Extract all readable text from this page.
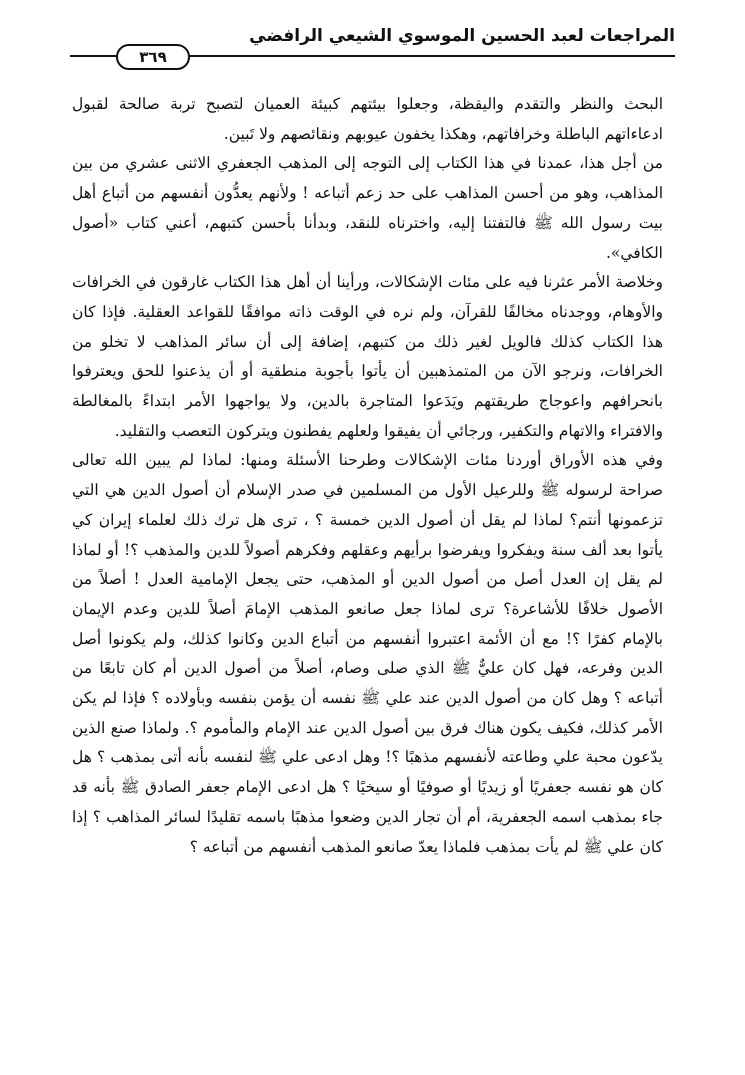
المراجعات لعبد الحسين الموسوي الشيعي الرافضي
٣٦٩

البحث والنظر والتقدم واليقظة، وجعلوا بيئتهم كبيئة العميان لتصبح تربة صالحة لقبول ادعاءاتهم الباطلة وخرافاتهم، وهكذا يخفون عيوبهم ونقائصهم ولا تَبين.

من أجل هذا، عمدنا في هذا الكتاب إلى التوجه إلى المذهب الجعفري الاثنى عشري من بين المذاهب، وهو من أحسن المذاهب على حد زعم أتباعه ! ولأنهم يعدُّون أنفسهم من أتباع أهل بيت رسول الله ﷺ فالتفتنا إليه، واخترناه للنقد، وبدأنا بأحسن كتبهم، أعني كتاب «أصول الكافي».

وخلاصة الأمر عثرنا فيه على مئات الإشكالات، ورأينا أن أهل هذا الكتاب غارقون في الخرافات والأوهام، ووجدناه مخالفًا للقرآن، ولم نره في الوقت ذاته موافقًا للقواعد العقلية. فإذا كان هذا الكتاب كذلك فالويل لغير ذلك من كتبهم، إضافة إلى أن سائر المذاهب لا تخلو من الخرافات، ونرجو الآن من المتمذهبين أن يأتوا بأجوبة منطقية أو أن يذعنوا للحق ويعترفوا بانحرافهم واعوجاج طريقتهم ويَدَعوا المتاجرة بالدين، ولا يواجهوا الأمر ابتداءً بالمغالطة والافتراء والاتهام والتكفير، ورجائي أن يفيقوا ولعلهم يفطنون ويتركون التعصب والتقليد.

وفي هذه الأوراق أوردنا مئات الإشكالات وطرحنا الأسئلة ومنها: لماذا لم يبين الله تعالى صراحة لرسوله ﷺ وللرعيل الأول من المسلمين في صدر الإسلام أن أصول الدين هي التي تزعمونها أنتم؟ لماذا لم يقل أن أصول الدين خمسة ؟ ، ترى هل ترك ذلك لعلماء إيران كي يأتوا بعد ألف سنة ويفكروا ويفرضوا برأيهم وعقلهم وفكرهم أصولاً للدين والمذهب ؟! أو لماذا لم يقل إن العدل أصل من أصول الدين أو المذهب، حتى يجعل الإمامية العدل ! أصلاً من الأصول خلافًا للأشاعرة؟ ترى لماذا جعل صانعو المذهب الإمامَ أصلاً للدين وعدم الإيمان بالإمام كفرًا ؟! مع أن الأئمة اعتبروا أنفسهم من أتباع الدين وكانوا كذلك، ولم يكونوا أصل الدين وفرعه، فهل كان عليٌّ ﷺ الذي صلى وصام، أصلاً من أصول الدين أم كان تابعًا من أتباعه ؟ وهل كان من أصول الدين عند علي ﷺ نفسه أن يؤمن بنفسه وبأولاده ؟ فإذا لم يكن الأمر كذلك، فكيف يكون هناك فرق بين أصول الدين عند الإمام والمأموم ؟. ولماذا صنع الذين يدّعون محبة علي وطاعته لأنفسهم مذهبًا ؟! وهل ادعى علي ﷺ لنفسه بأنه أتى بمذهب ؟ هل كان هو نفسه جعفريًا أو زيديًا أو صوفيًا أو سيخيًا ؟ هل ادعى الإمام جعفر الصادق ﷺ بأنه قد جاء بمذهب اسمه الجعفرية، أم أن تجار الدين وضعوا مذهبًا باسمه تقليدًا لسائر المذاهب ؟ إذا كان علي ﷺ لم يأت بمذهب فلماذا يعدّ صانعو المذهب أنفسهم من أتباعه ؟
